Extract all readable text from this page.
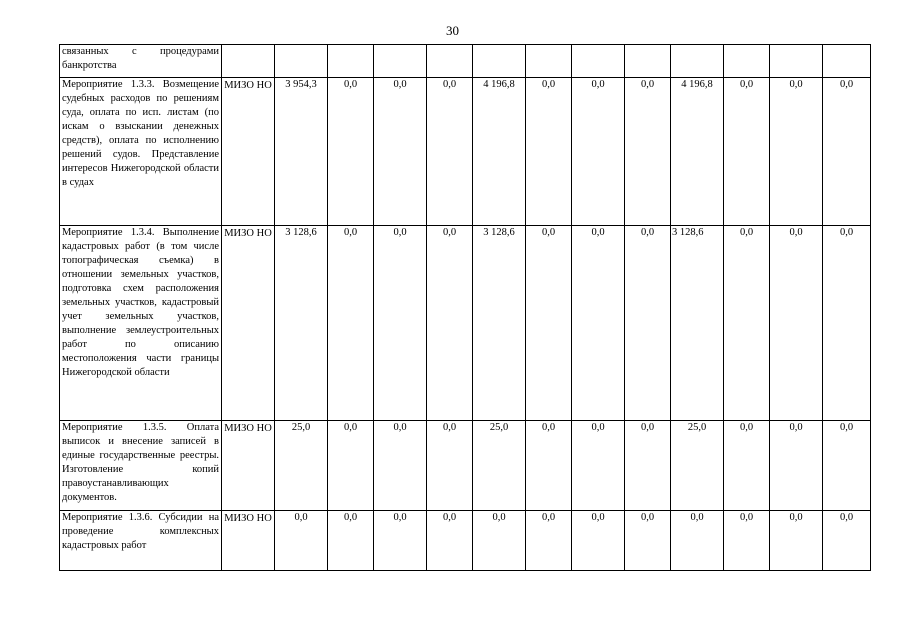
30
связанных с процедурами банкротства													
Мероприятие 1.3.3. Возмещение судебных расходов по решениям суда, оплата по исп. листам (по искам о взыскании денежных средств), оплата по исполнению решений судов. Представление интересов Нижегородской области в судах	МИЗО НО	3 954,3	0,0	0,0	0,0	4 196,8	0,0	0,0	0,0	4 196,8	0,0	0,0	0,0
Мероприятие 1.3.4. Выполнение кадастровых работ (в том числе топографическая съемка) в отношении земельных участков, подготовка схем расположения земельных участков, кадастровый учет земельных участков, выполнение землеустроительных работ по описанию местоположения части границы Нижегородской области	МИЗО НО	3 128,6	0,0	0,0	0,0	3 128,6	0,0	0,0	0,0	3 128,6	0,0	0,0	0,0
Мероприятие 1.3.5. Оплата выписок и внесение записей в единые государственные реестры. Изготовление копий правоустанавливающих документов.	МИЗО НО	25,0	0,0	0,0	0,0	25,0	0,0	0,0	0,0	25,0	0,0	0,0	0,0
Мероприятие 1.3.6. Субсидии на проведение комплексных кадастровых работ	МИЗО НО	0,0	0,0	0,0	0,0	0,0	0,0	0,0	0,0	0,0	0,0	0,0	0,0
